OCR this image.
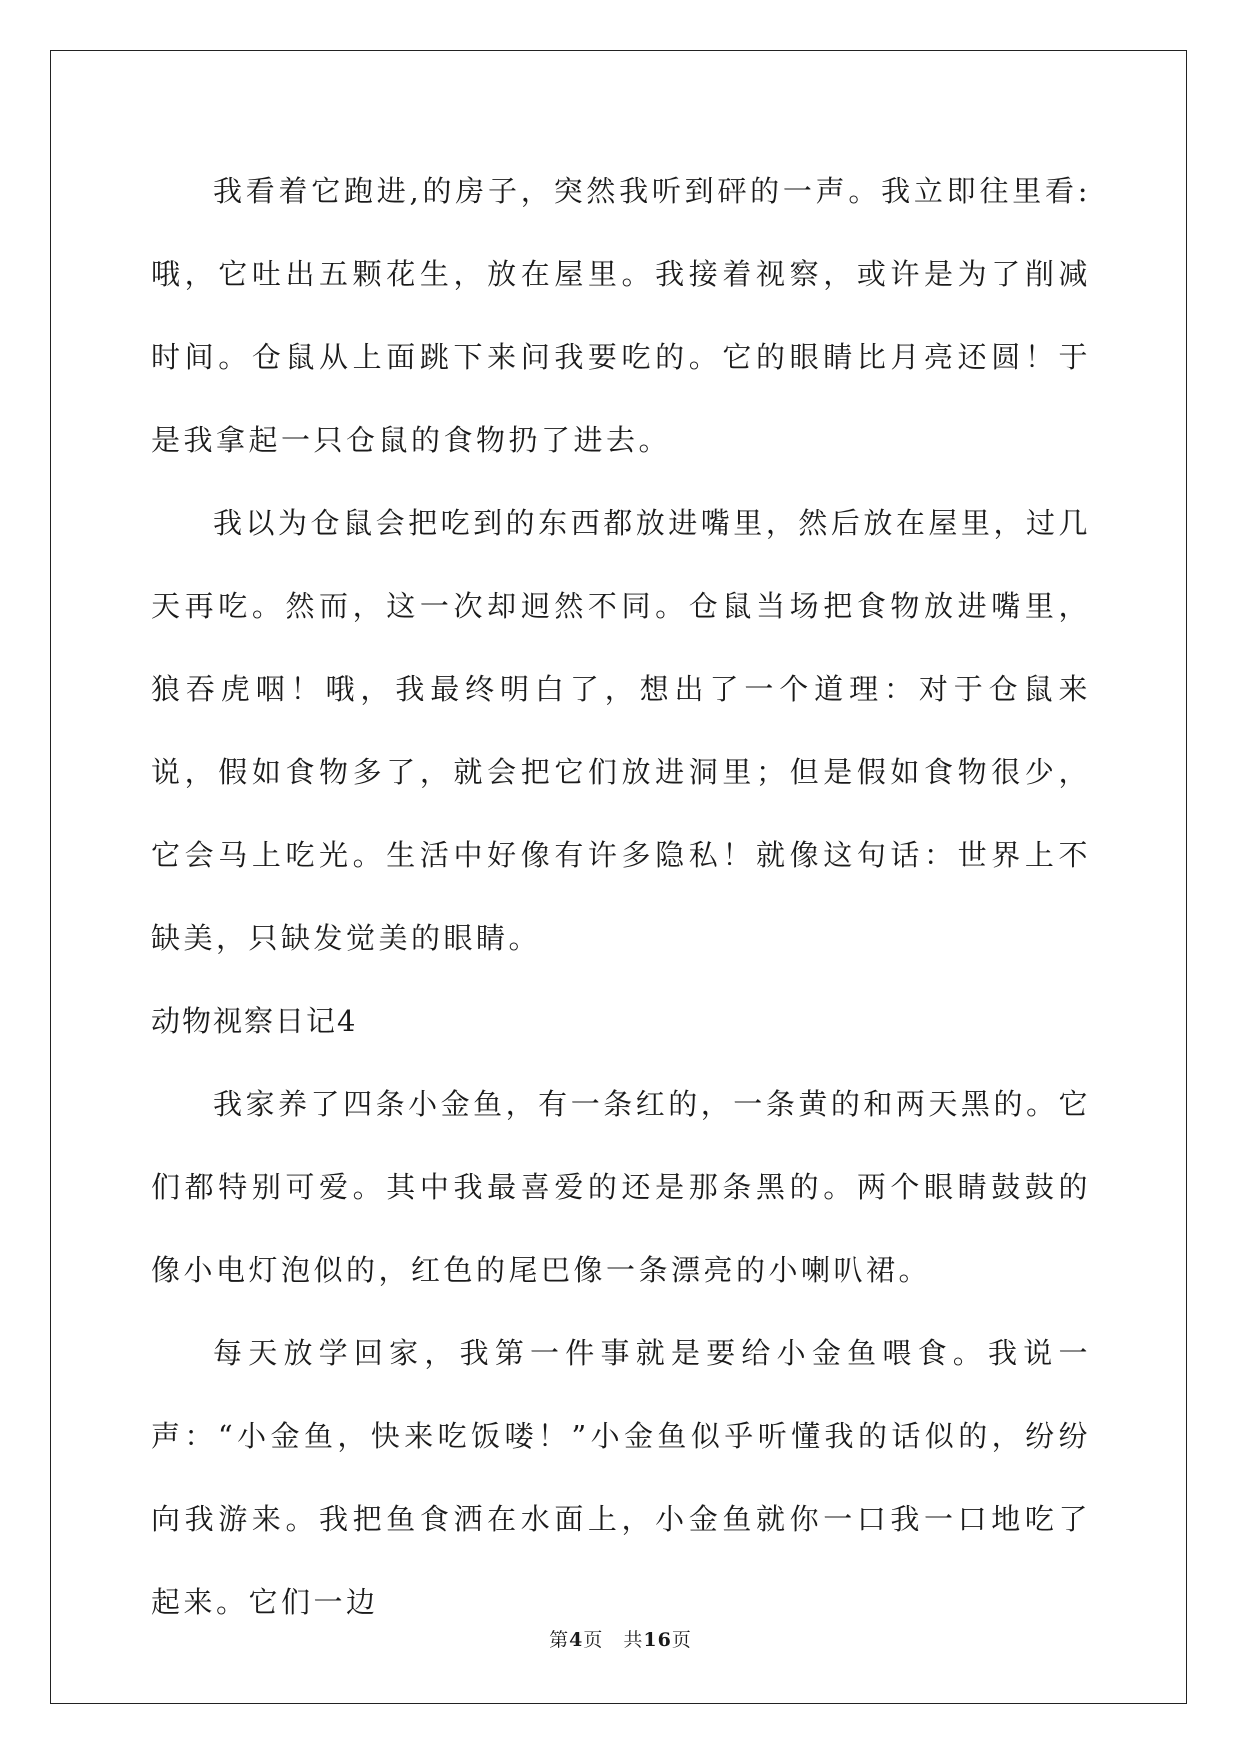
我看着它跑进,的房子，突然我听到砰的一声。我立即往里看:哦，它吐出五颗花生，放在屋里。我接着视察，或许是为了削减时间。仓鼠从上面跳下来问我要吃的。它的眼睛比月亮还圆！于是我拿起一只仓鼠的食物扔了进去。

我以为仓鼠会把吃到的东西都放进嘴里，然后放在屋里，过几天再吃。然而，这一次却迥然不同。仓鼠当场把食物放进嘴里，狼吞虎咽！哦，我最终明白了，想出了一个道理：对于仓鼠来说，假如食物多了，就会把它们放进洞里；但是假如食物很少，它会马上吃光。生活中好像有许多隐私！就像这句话：世界上不缺美，只缺发觉美的眼睛。

动物视察日记4

我家养了四条小金鱼，有一条红的，一条黄的和两天黑的。它们都特别可爱。其中我最喜爱的还是那条黑的。两个眼睛鼓鼓的像小电灯泡似的，红色的尾巴像一条漂亮的小喇叭裙。

每天放学回家，我第一件事就是要给小金鱼喂食。我说一声：“小金鱼，快来吃饭喽！”小金鱼似乎听懂我的话似的，纷纷向我游来。我把鱼食洒在水面上，小金鱼就你一口我一口地吃了起来。它们一边

第4页 共16页
